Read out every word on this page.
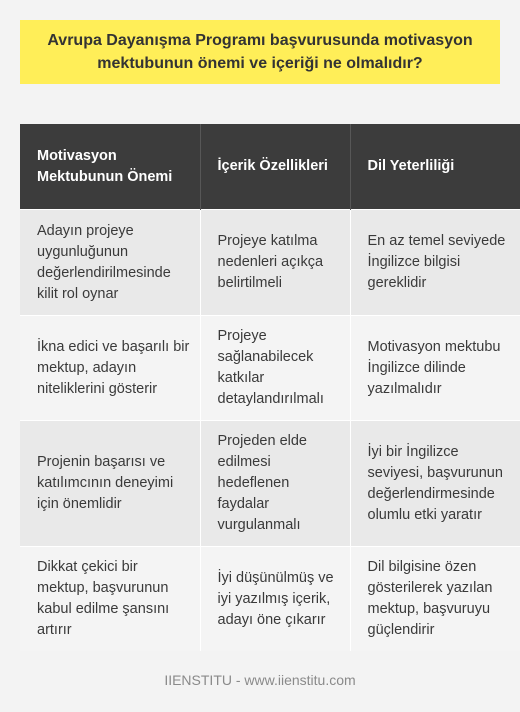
Avrupa Dayanışma Programı başvurusunda motivasyon mektubunun önemi ve içeriği ne olmalıdır?
Motivasyon Mektubunun Önemi	İçerik Özellikleri	Dil Yeterliliği
Adayın projeye uygunluğunun değerlendirilmesinde kilit rol oynar	Projeye katılma nedenleri açıkça belirtilmeli	En az temel seviyede İngilizce bilgisi gereklidir
İkna edici ve başarılı bir mektup, adayın niteliklerini gösterir	Projeye sağlanabilecek katkılar detaylandırılmalı	Motivasyon mektubu İngilizce dilinde yazılmalıdır
Projenin başarısı ve katılımcının deneyimi için önemlidir	Projeden elde edilmesi hedeflenen faydalar vurgulanmalı	İyi bir İngilizce seviyesi, başvurunun değerlendirmesinde olumlu etki yaratır
Dikkat çekici bir mektup, başvurunun kabul edilme şansını artırır	İyi düşünülmüş ve iyi yazılmış içerik, adayı öne çıkarır	Dil bilgisine özen gösterilerek yazılan mektup, başvuruyu güçlendirir
IIENSTITU - www.iienstitu.com
